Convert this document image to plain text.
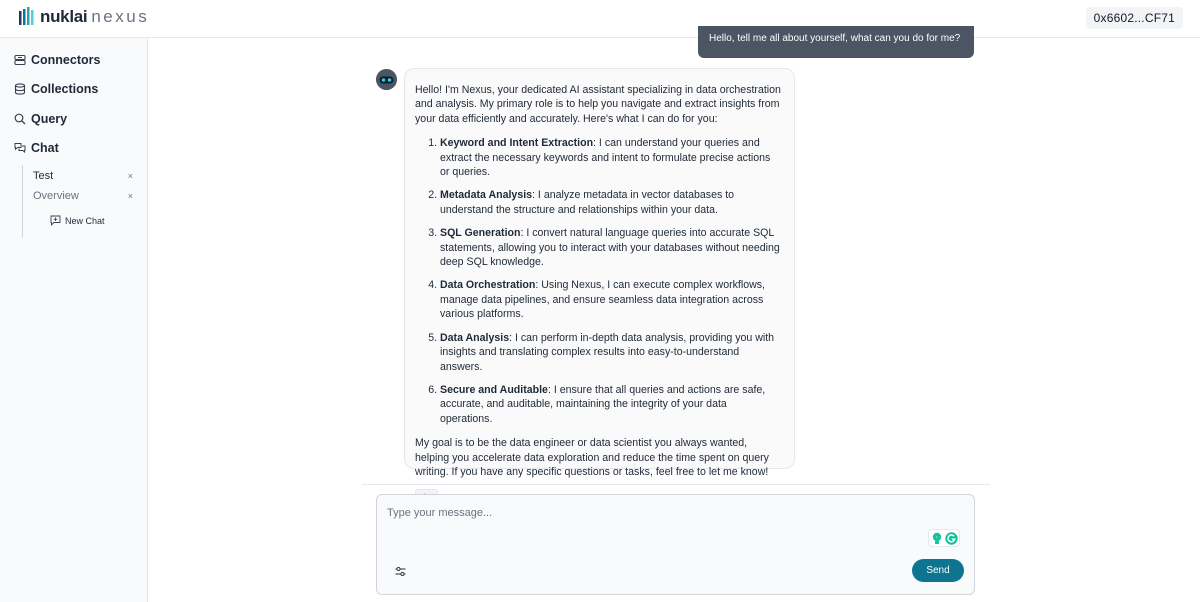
nuklai nexus	0x6602...CF71
Connectors
Collections
Query
Chat
Test	×
Overview	×
New Chat
Hello, tell me all about yourself, what can you do for me?

Hello! I'm Nexus, your dedicated AI assistant specializing in data orchestration and analysis. My primary role is to help you navigate and extract insights from your data efficiently and accurately. Here's what I can do for you:

1. Keyword and Intent Extraction: I can understand your queries and extract the necessary keywords and intent to formulate precise actions or queries.
2. Metadata Analysis: I analyze metadata in vector databases to understand the structure and relationships within your data.
3. SQL Generation: I convert natural language queries into accurate SQL statements, allowing you to interact with your databases without needing deep SQL knowledge.
4. Data Orchestration: Using Nexus, I can execute complex workflows, manage data pipelines, and ensure seamless data integration across various platforms.
5. Data Analysis: I can perform in-depth data analysis, providing you with insights and translating complex results into easy-to-understand answers.
6. Secure and Auditable: I ensure that all queries and actions are safe, accurate, and auditable, maintaining the integrity of your data operations.

My goal is to be the data engineer or data scientist you always wanted, helping you accelerate data exploration and reduce the time spent on query writing. If you have any specific questions or tasks, feel free to let me know!

Type your message...
·
Send
